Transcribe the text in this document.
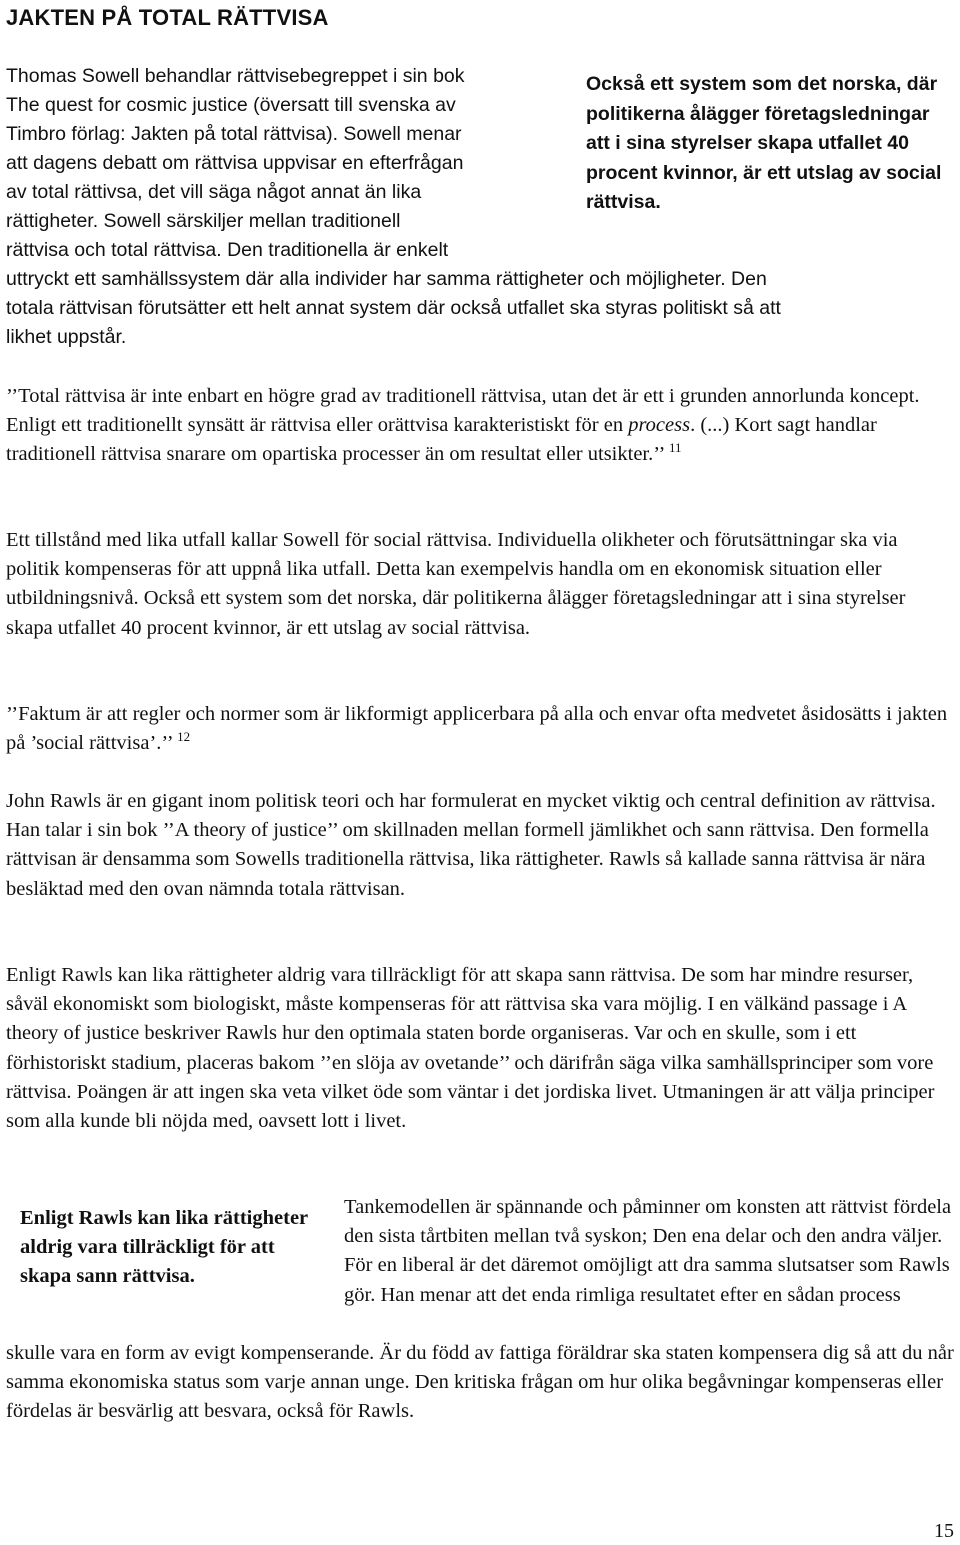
JAKTEN PÅ TOTAL RÄTTVISA
Thomas Sowell behandlar rättvisebegreppet i sin bok
The quest for cosmic justice (översatt till svenska av
Timbro förlag: Jakten på total rättvisa). Sowell menar
att dagens debatt om rättvisa uppvisar en efterfrågan
av total rättivsa, det vill säga något annat än lika
rättigheter. Sowell särskiljer mellan traditionell
rättvisa och total rättvisa. Den traditionella är enkelt
uttryckt ett samhällssystem där alla individer har samma rättigheter och möjligheter. Den
totala rättvisan förutsätter ett helt annat system där också utfallet ska styras politiskt så att
likhet uppstår.

Också ett system som det norska, där politikerna ålägger företagsledningar att i sina styrelser skapa utfallet 40 procent kvinnor, är ett utslag av social rättvisa.

’’Total rättvisa är inte enbart en högre grad av traditionell rättvisa, utan det är ett i grunden annorlunda koncept. Enligt ett traditionellt synsätt är rättvisa eller orättvisa karakteristiskt för en process. (...) Kort sagt handlar traditionell rättvisa snarare om opartiska processer än om resultat eller utsikter.’’ $^{11}$

Ett tillstånd med lika utfall kallar Sowell för social rättvisa. Individuella olikheter och förutsättningar ska via politik kompenseras för att uppnå lika utfall. Detta kan exempelvis handla om en ekonomisk situation eller utbildningsnivå. Också ett system som det norska, där politikerna ålägger företagsledningar att i sina styrelser skapa utfallet 40 procent kvinnor, är ett utslag av social rättvisa.

’’Faktum är att regler och normer som är likformigt applicerbara på alla och envar ofta medvetet åsidosätts i jakten på ’social rättvisa’.’’ $^{12}$

John Rawls är en gigant inom politisk teori och har formulerat en mycket viktig och central definition av rättvisa. Han talar i sin bok ’’A theory of justice’’ om skillnaden mellan formell jämlikhet och sann rättvisa. Den formella rättvisan är densamma som Sowells traditionella rättvisa, lika rättigheter. Rawls så kallade sanna rättvisa är nära besläktad med den ovan nämnda totala rättvisan.

Enligt Rawls kan lika rättigheter aldrig vara tillräckligt för att skapa sann rättvisa. De som har mindre resurser, såväl ekonomiskt som biologiskt, måste kompenseras för att rättvisa ska vara möjlig. I en välkänd passage i A theory of justice beskriver Rawls hur den optimala staten borde organiseras. Var och en skulle, som i ett förhistoriskt stadium, placeras bakom ’’en slöja av ovetande’’ och därifrån säga vilka samhällsprinciper som vore rättvisa. Poängen är att ingen ska veta vilket öde som väntar i det jordiska livet. Utmaningen är att välja principer som alla kunde bli nöjda med, oavsett lott i livet.

Enligt Rawls kan lika rättigheter aldrig vara tillräckligt för att skapa sann rättvisa.

Tankemodellen är spännande och påminner om konsten att rättvist fördela den sista tårtbiten mellan två syskon; Den ena delar och den andra väljer. För en liberal är det däremot omöjligt att dra samma slutsatser som Rawls gör. Han menar att det enda rimliga resultatet efter en sådan process

skulle vara en form av evigt kompenserande. Är du född av fattiga föräldrar ska staten kompensera dig så att du når samma ekonomiska status som varje annan unge. Den kritiska frågan om hur olika begåvningar kompenseras eller fördelas är besvärlig att besvara, också för Rawls.

15
